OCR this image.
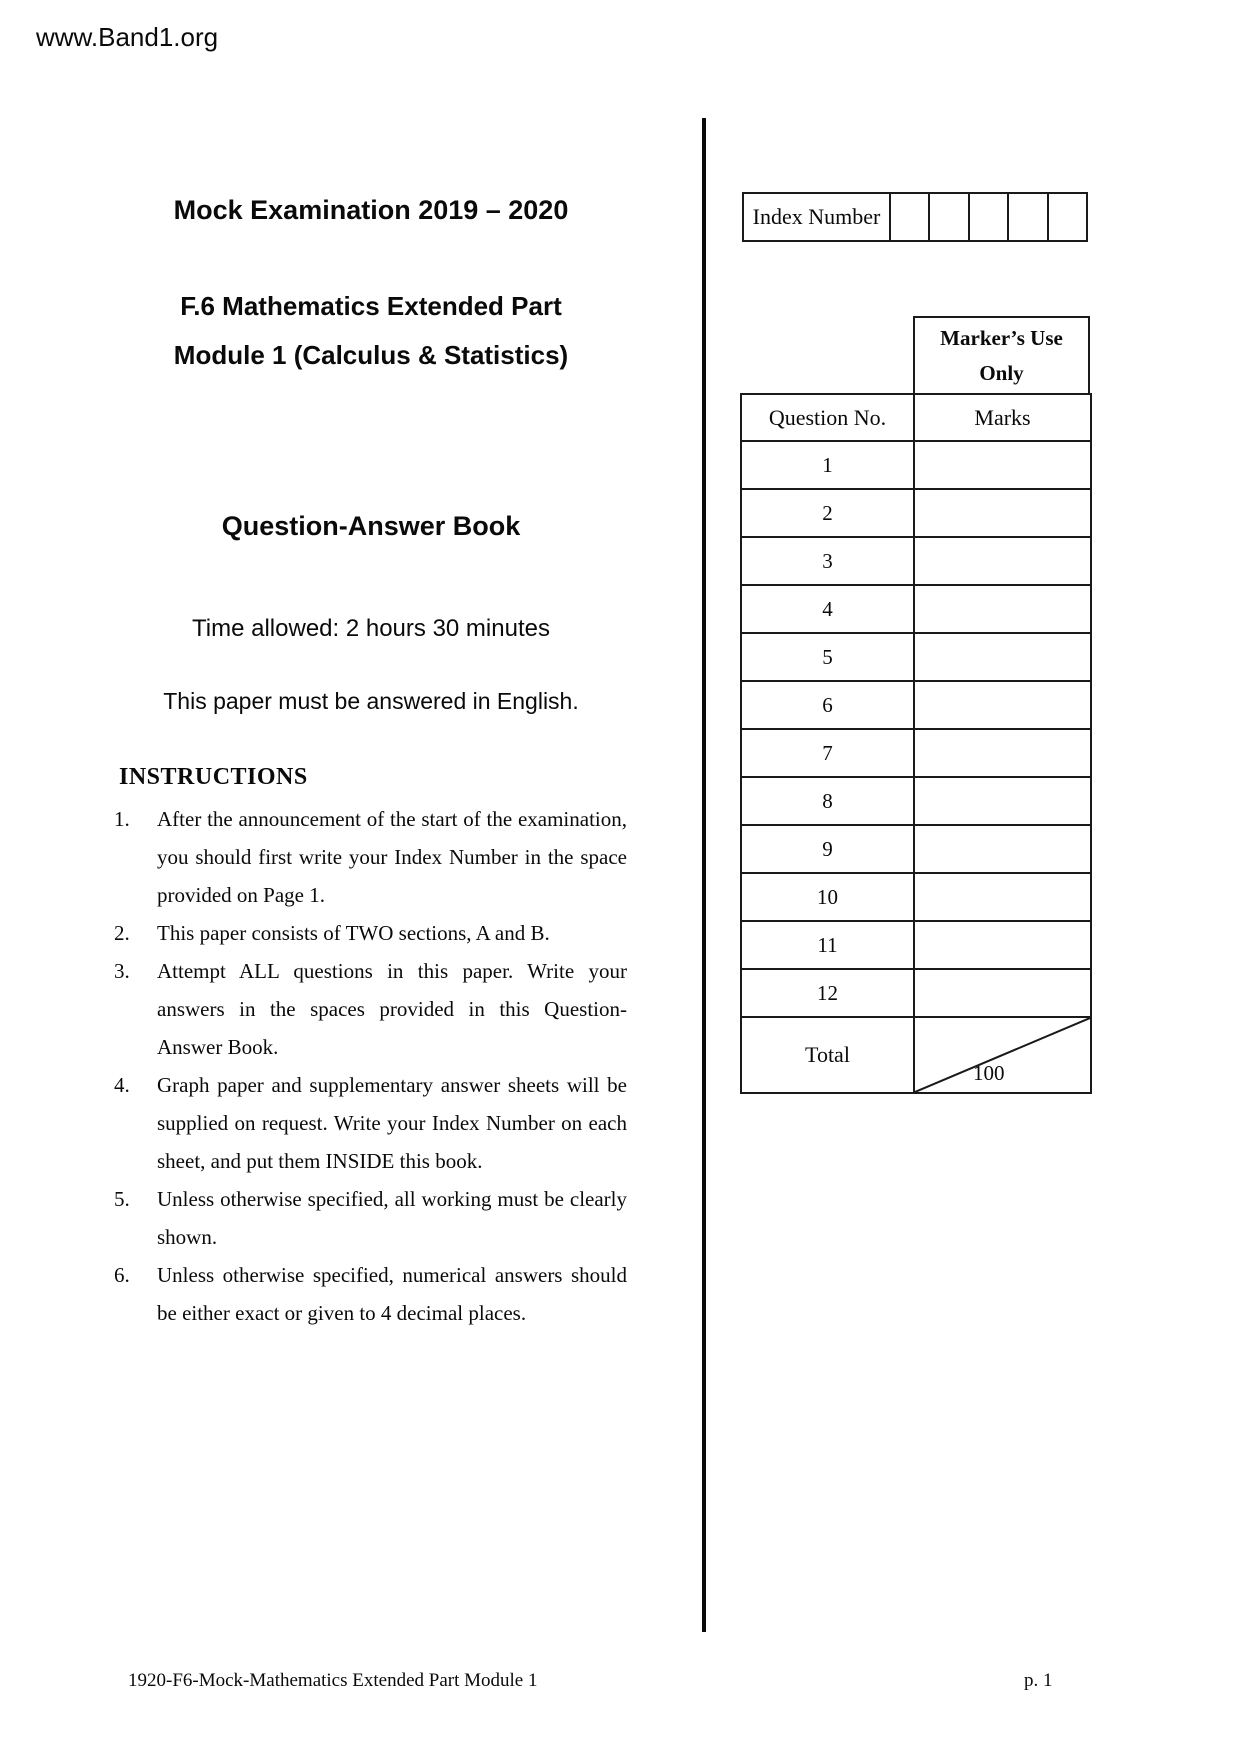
www.Band1.org
Mock Examination 2019 – 2020
F.6 Mathematics Extended Part
Module 1 (Calculus & Statistics)
Question-Answer Book
Time allowed: 2 hours 30 minutes
This paper must be answered in English.
INSTRUCTIONS
1.	After the announcement of the start of the examination, you should first write your Index Number in the space provided on Page 1.
2.	This paper consists of TWO sections, A and B.
3.	Attempt ALL questions in this paper. Write your answers in the spaces provided in this Question-Answer Book.
4.	Graph paper and supplementary answer sheets will be supplied on request. Write your Index Number on each sheet, and put them INSIDE this book.
5.	Unless otherwise specified, all working must be clearly shown.
6.	Unless otherwise specified, numerical answers should be either exact or given to 4 decimal places.
Index Number
Marker’s Use
Only
Question No.	Marks
1	
2	
3	
4	
5	
6	
7	
8	
9	
10	
11	
12	
Total	100
1920-F6-Mock-Mathematics Extended Part Module 1	p. 1
